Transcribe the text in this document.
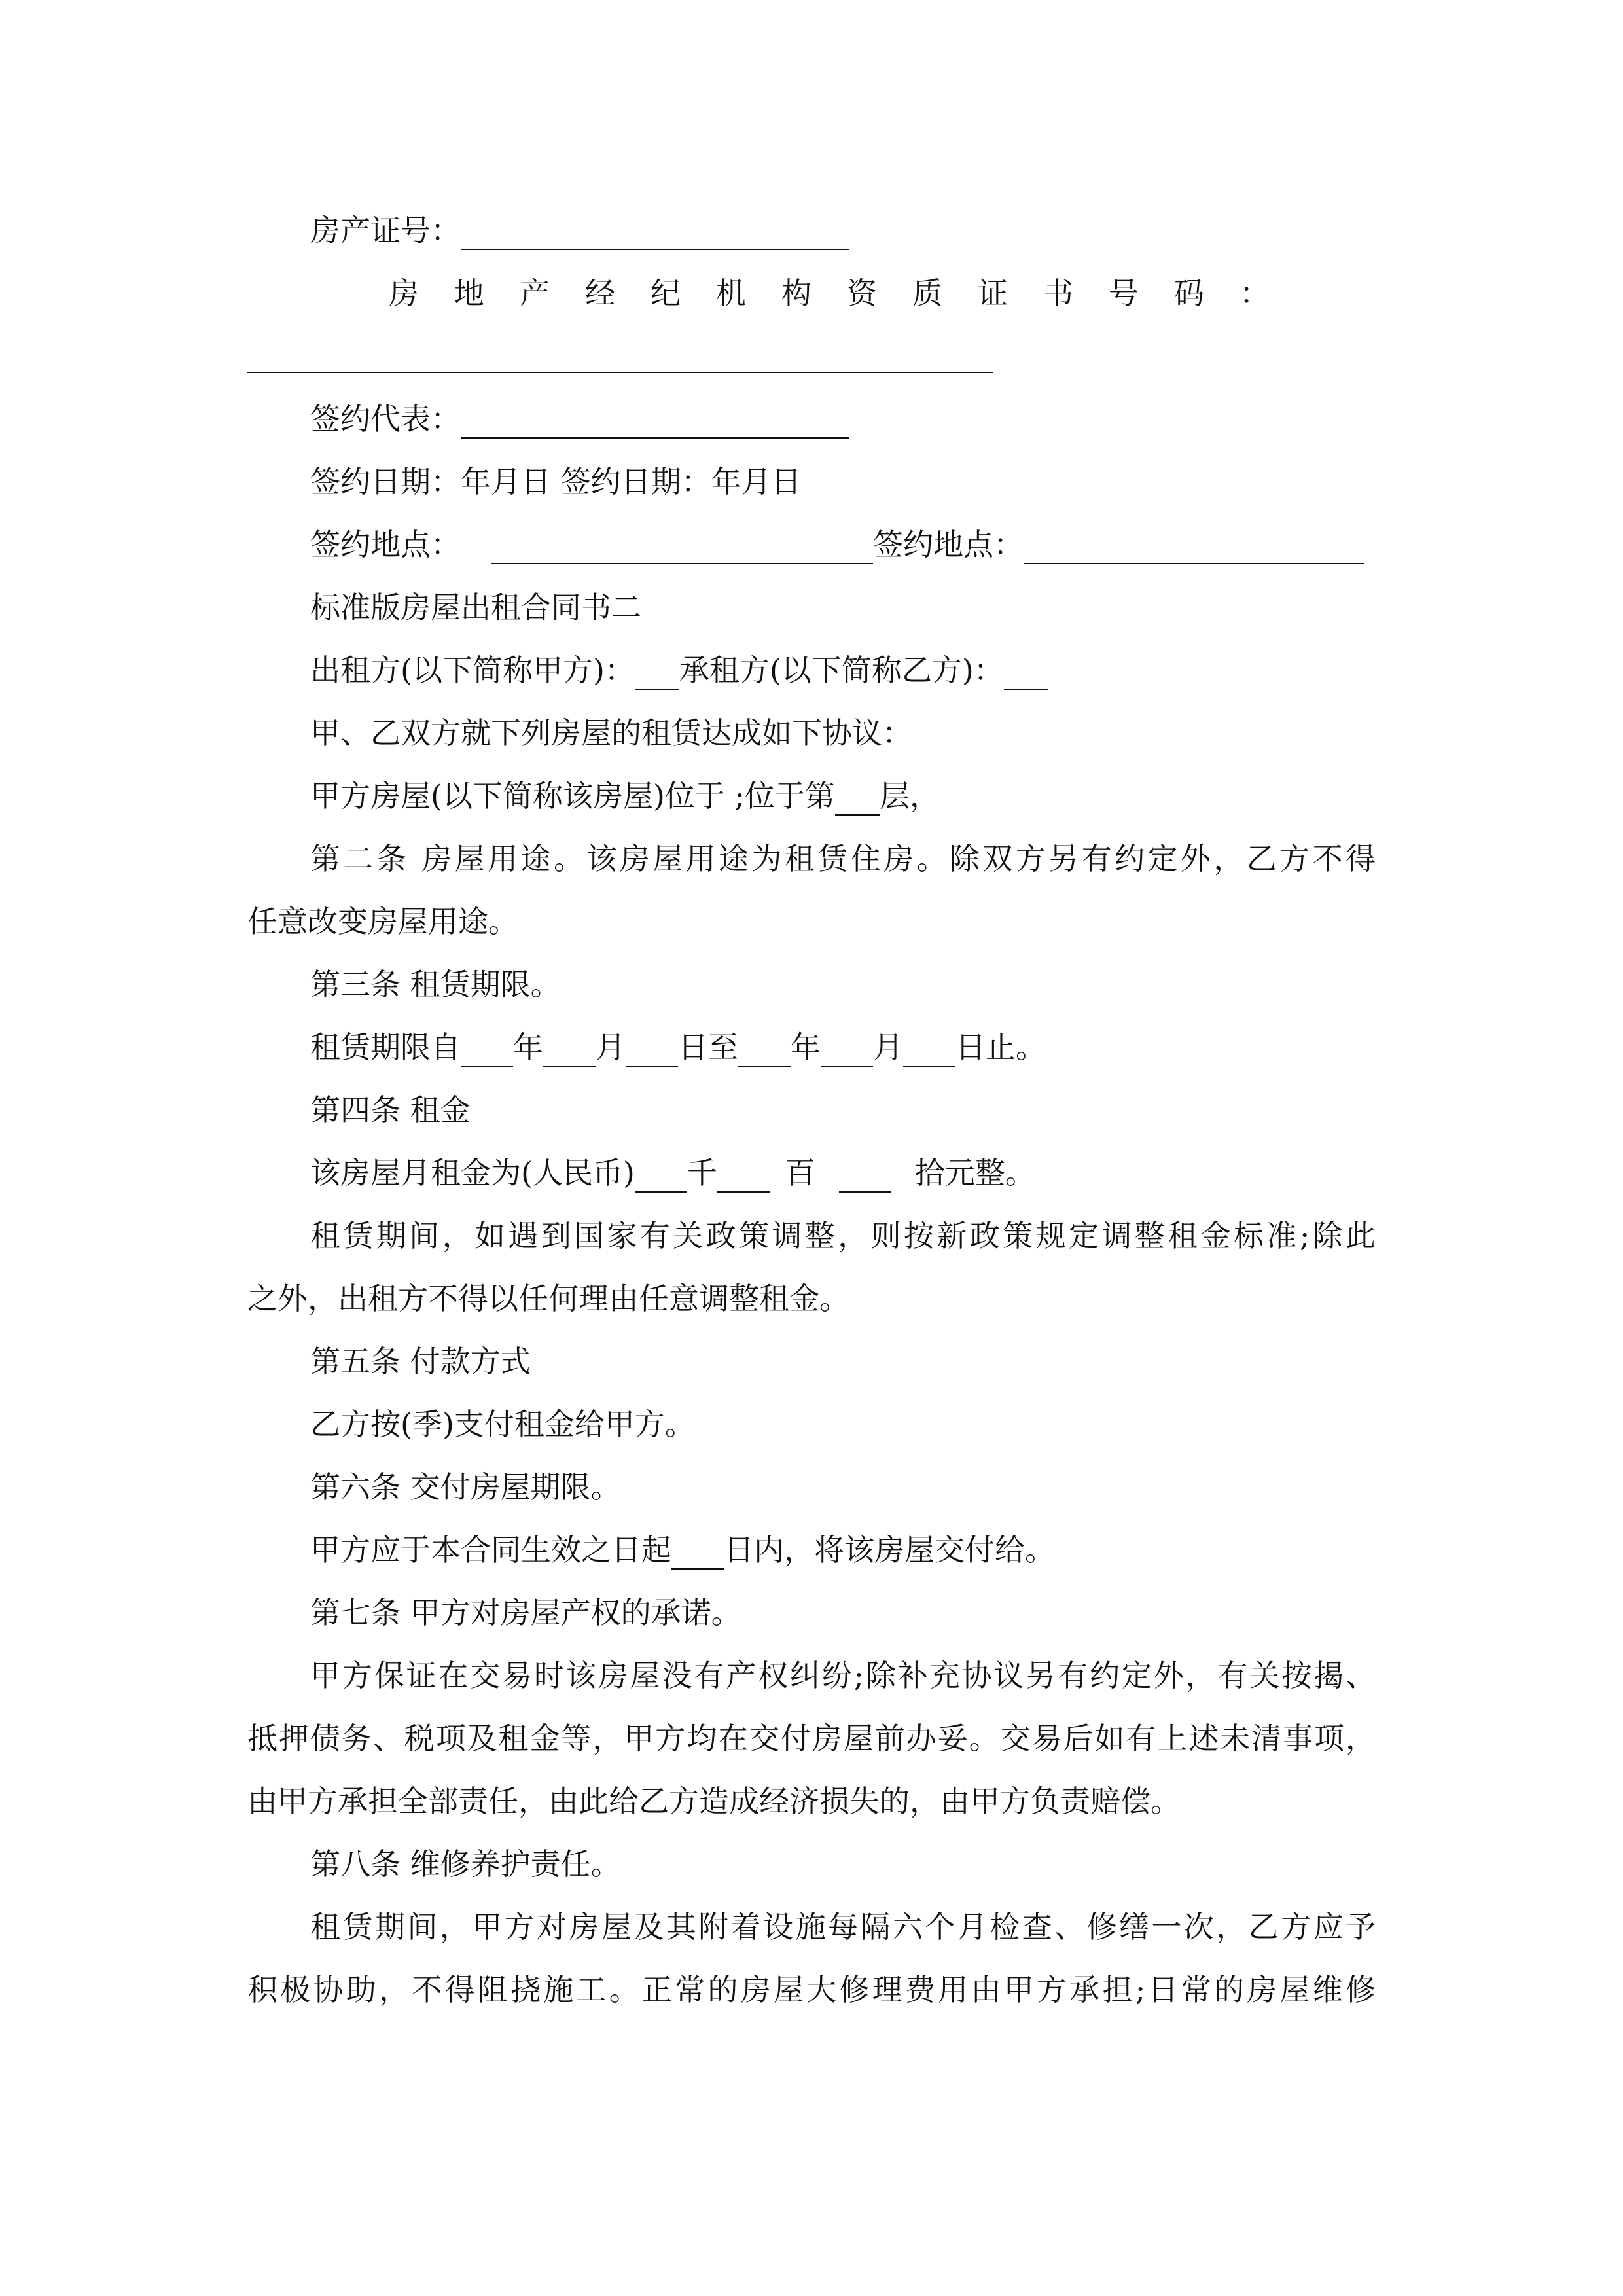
房产证号：
房地产经纪机构资质证书号码：
签约代表：
签约日期：年月日 签约日期：年月日
签约地点：	签约地点：
标准版房屋出租合同书二
出租方(以下简称甲方)： 承租方(以下简称乙方)：
甲、乙双方就下列房屋的租赁达成如下协议：
甲方房屋(以下简称该房屋)位于 ;位于第 层，
第二条 房屋用途。该房屋用途为租赁住房。除双方另有约定外，乙方不得
任意改变房屋用途。
第三条 租赁期限。
租赁期限自 年 月 日至 年 月 日止。
第四条 租金
该房屋月租金为(人民币) 千 百	拾元整。
租赁期间，如遇到国家有关政策调整，则按新政策规定调整租金标准;除此
之外，出租方不得以任何理由任意调整租金。
第五条 付款方式
乙方按(季)支付租金给甲方。
第六条 交付房屋期限。
甲方应于本合同生效之日起 日内，将该房屋交付给。
第七条 甲方对房屋产权的承诺。
甲方保证在交易时该房屋没有产权纠纷;除补充协议另有约定外，有关按揭、
抵押债务、税项及租金等，甲方均在交付房屋前办妥。交易后如有上述未清事项，
由甲方承担全部责任，由此给乙方造成经济损失的，由甲方负责赔偿。
第八条 维修养护责任。
租赁期间，甲方对房屋及其附着设施每隔六个月检查、修缮一次，乙方应予
积极协助，不得阻挠施工。正常的房屋大修理费用由甲方承担;日常的房屋维修
